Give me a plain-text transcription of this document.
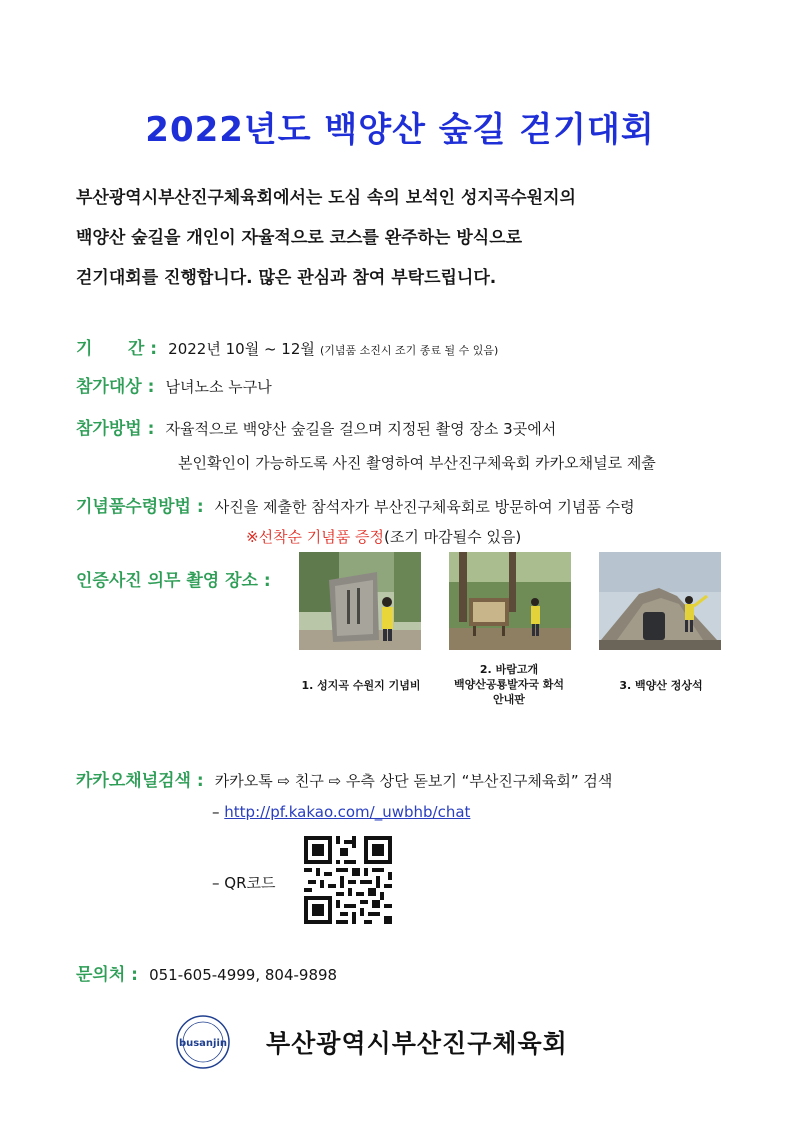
2022년도 백양산 숲길 걷기대회
부산광역시부산진구체육회에서는 도심 속의 보석인 성지곡수원지의
백양산 숲길을 개인이 자율적으로 코스를 완주하는 방식으로
걷기대회를 진행합니다. 많은 관심과 참여 부탁드립니다.
기      간 : 2022년 10월 ~ 12월 (기념품 소진시 조기 종료 될 수 있음)
참가대상 : 남녀노소 누구나
참가방법 : 자율적으로 백양산 숲길을 걸으며 지정된 촬영 장소 3곳에서
본인확인이 가능하도록 사진 촬영하여 부산진구체육회 카카오채널로 제출
기념품수령방법 : 사진을 제출한 참석자가 부산진구체육회로 방문하여 기념품 수령
※선착순 기념품 증정(조기 마감될수 있음)
인증사진 의무 촬영 장소 :
1. 성지곡 수원지 기념비
2. 바람고개
백양산공룡발자국 화석
안내판
3. 백양산 정상석
카카오채널검색 : 카카오톡 ⇨ 친구 ⇨ 우측 상단 돋보기 “부산진구체육회” 검색
– http://pf.kakao.com/_uwbhb/chat
– QR코드
문의처 : 051-605-4999, 804-9898
busanjin 부산광역시부산진구체육회
